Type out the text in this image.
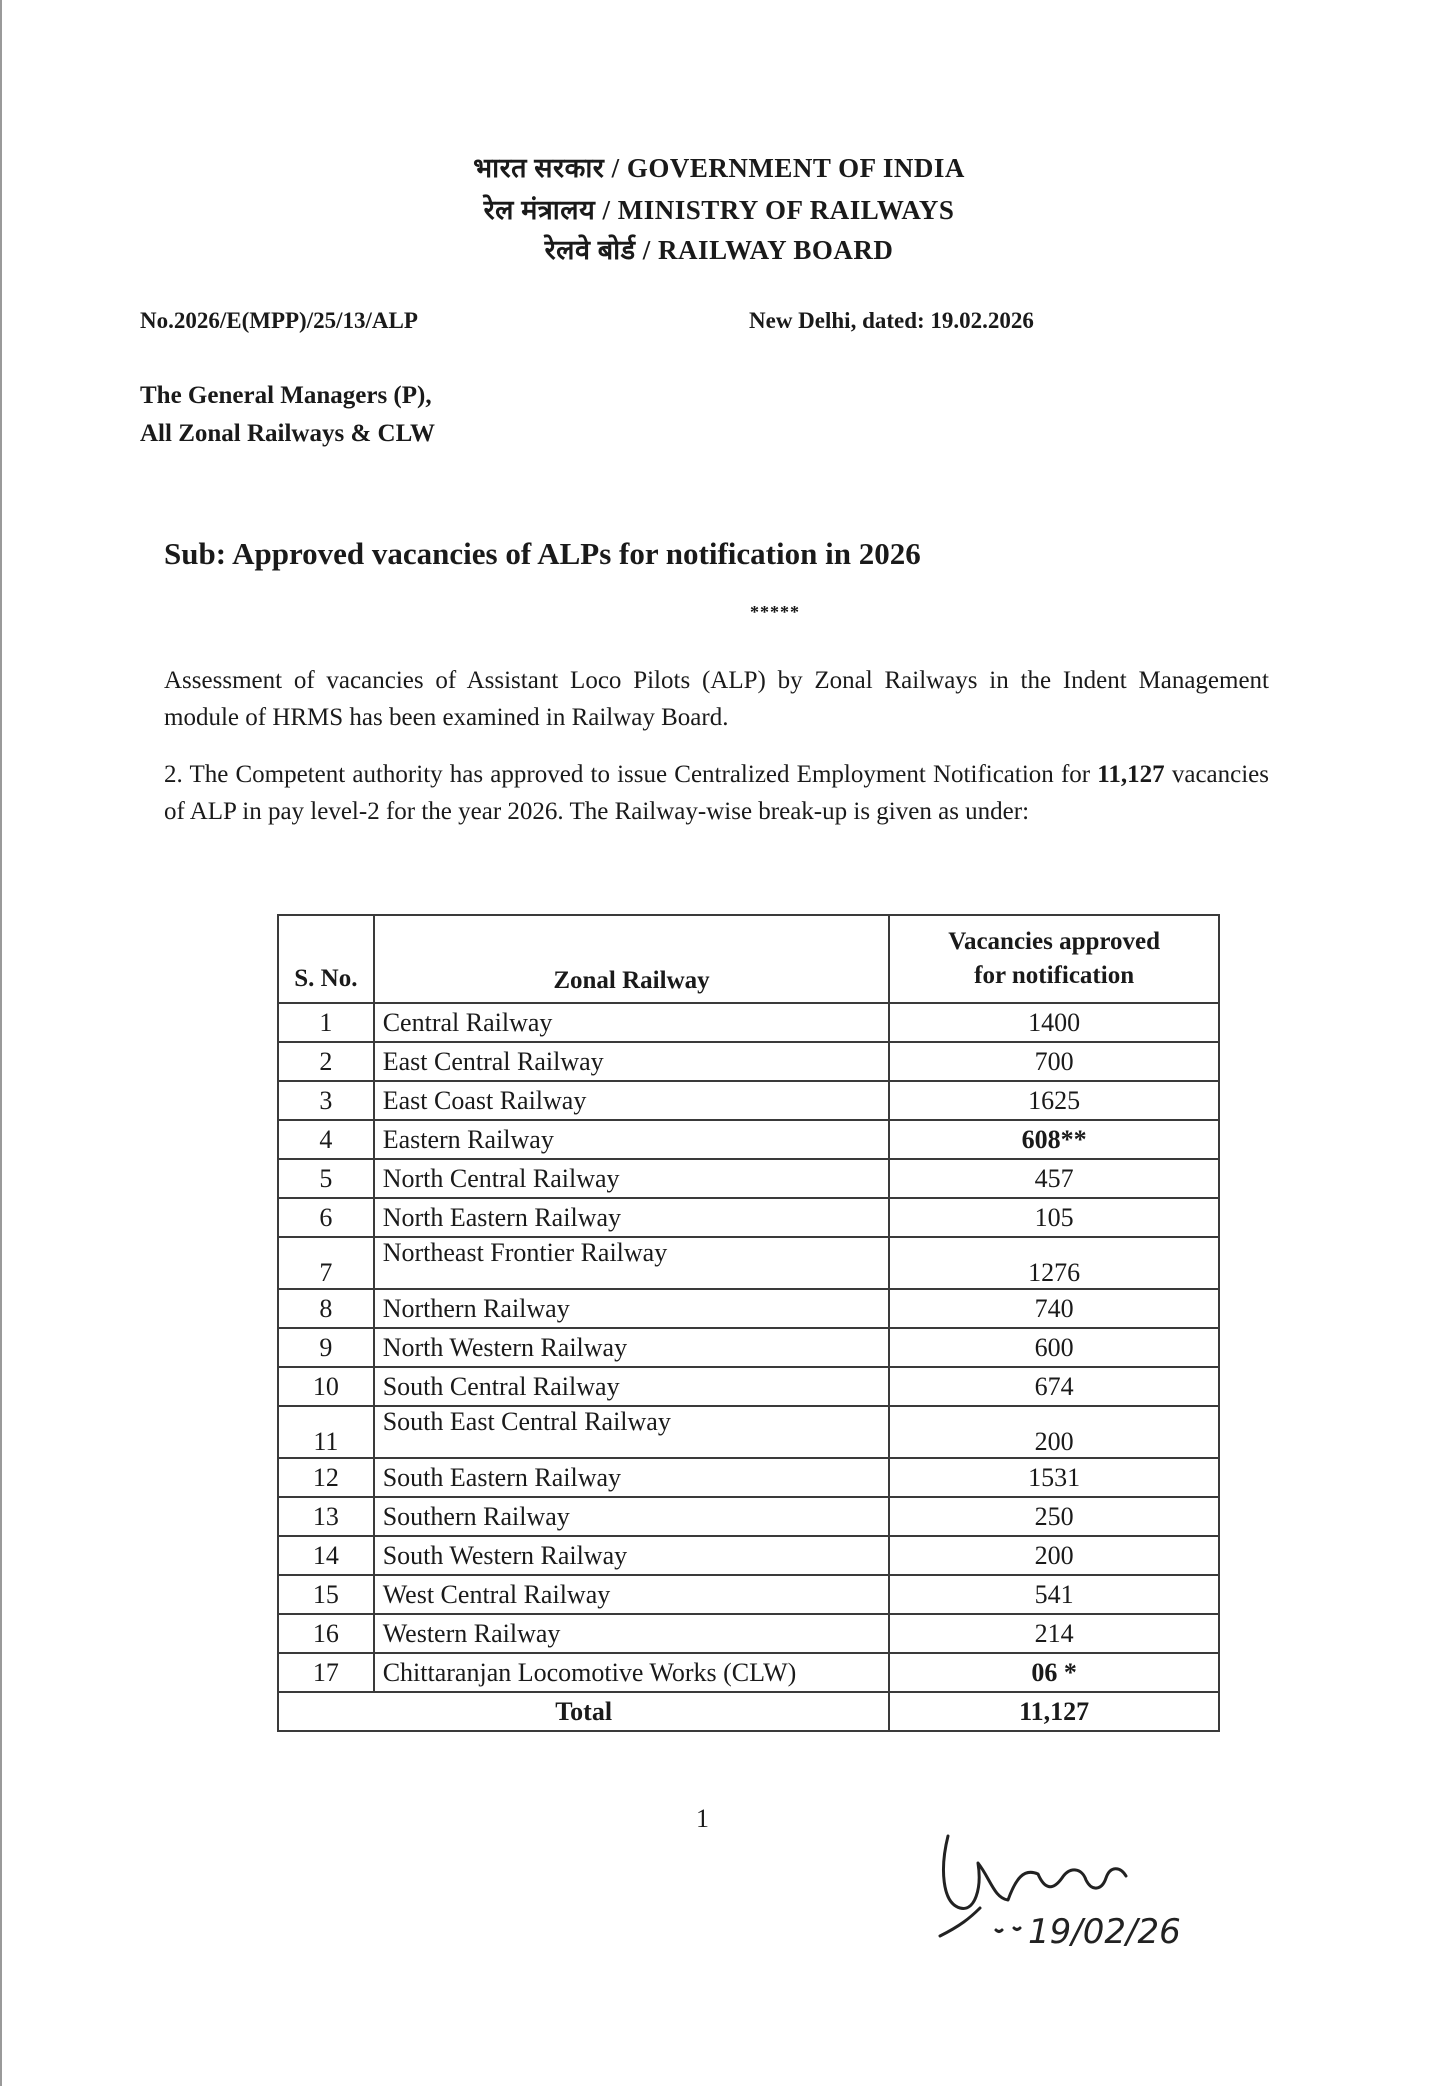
भारत सरकार / GOVERNMENT OF INDIA
रेल मंत्रालय / MINISTRY OF RAILWAYS
रेलवे बोर्ड / RAILWAY BOARD
No.2026/E(MPP)/25/13/ALP	New Delhi, dated: 19.02.2026
The General Managers (P),
All Zonal Railways & CLW
Sub: Approved vacancies of ALPs for notification in 2026
*****
Assessment of vacancies of Assistant Loco Pilots (ALP) by Zonal Railways in the Indent Management module of HRMS has been examined in Railway Board.
2. The Competent authority has approved to issue Centralized Employment Notification for 11,127 vacancies of ALP in pay level-2 for the year 2026. The Railway-wise break-up is given as under:
S. No.	Zonal Railway	Vacancies approved
for notification

1	Central Railway	1400
2	East Central Railway	700
3	East Coast Railway	1625
4	Eastern Railway	608**
5	North Central Railway	457
6	North Eastern Railway	105
7	Northeast Frontier Railway	1276
8	Northern Railway	740
9	North Western Railway	600
10	South Central Railway	674
11	South East Central Railway	200
12	South Eastern Railway	1531
13	Southern Railway	250
14	South Western Railway	200
15	West Central Railway	541
16	Western Railway	214
17	Chittaranjan Locomotive Works (CLW)	06 *
Total		11,127
1
19/02/26
